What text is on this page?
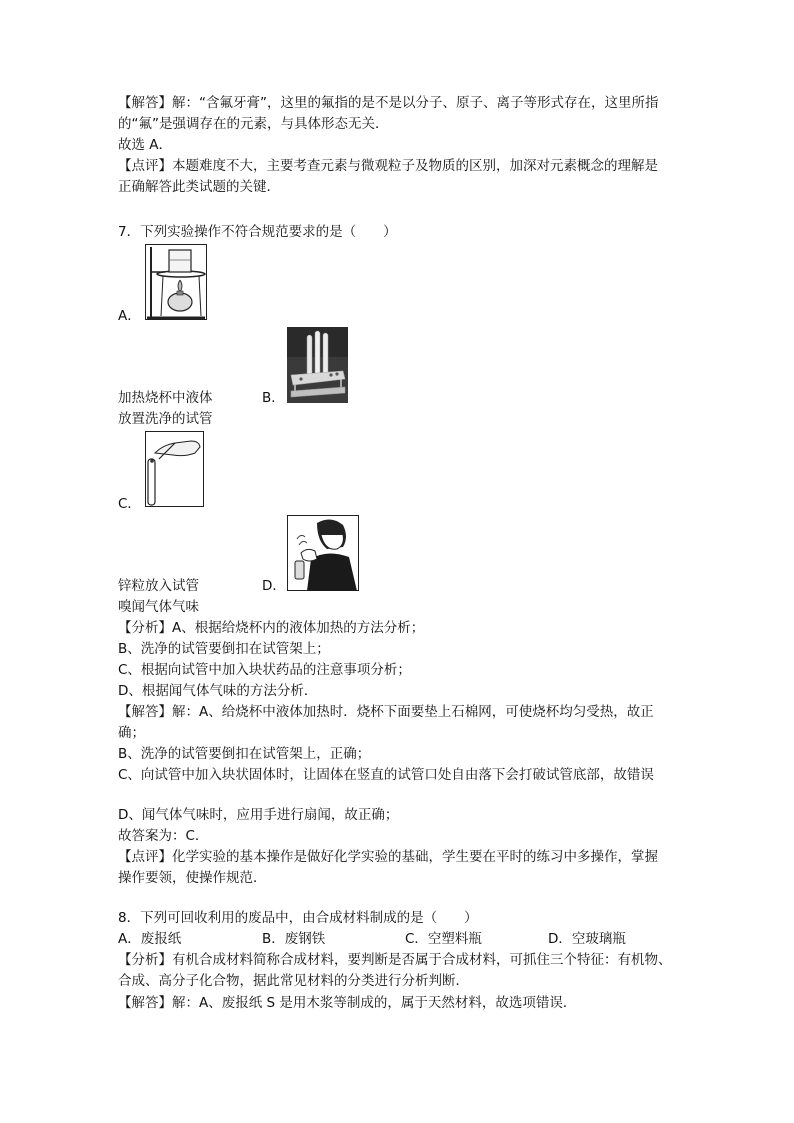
【解答】解：“含氟牙膏”，这里的氟指的是不是以分子、原子、离子等形式存在，这里所指
的“氟”是强调存在的元素，与具体形态无关．
故选 A．
【点评】本题难度不大，主要考查元素与微观粒子及物质的区别，加深对元素概念的理解是
正确解答此类试题的关键．
7．下列实验操作不符合规范要求的是（　　）
A．
加热烧杯中液体	B．
放置洗净的试管
C．
锌粒放入试管	D．
嗅闻气体气味
【分析】A、根据给烧杯内的液体加热的方法分析；
B、洗净的试管要倒扣在试管架上；
C、根据向试管中加入块状药品的注意事项分析；
D、根据闻气体气味的方法分析．
【解答】解：A、给烧杯中液体加热时．烧杯下面要垫上石棉网，可使烧杯均匀受热，故正
确；
B、洗净的试管要倒扣在试管架上，正确；
C、向试管中加入块状固体时，让固体在竖直的试管口处自由落下会打破试管底部，故错误
D、闻气体气味时，应用手进行扇闻，故正确；
故答案为：C．
【点评】化学实验的基本操作是做好化学实验的基础，学生要在平时的练习中多操作，掌握
操作要领，使操作规范．
8．下列可回收利用的废品中，由合成材料制成的是（　　）
A．废报纸	B．废钢铁	C．空塑料瓶	D．空玻璃瓶
【分析】有机合成材料简称合成材料，要判断是否属于合成材料，可抓住三个特征：有机物、
合成、高分子化合物，据此常见材料的分类进行分析判断．
【解答】解：A、废报纸 S 是用木浆等制成的，属于天然材料，故选项错误．
